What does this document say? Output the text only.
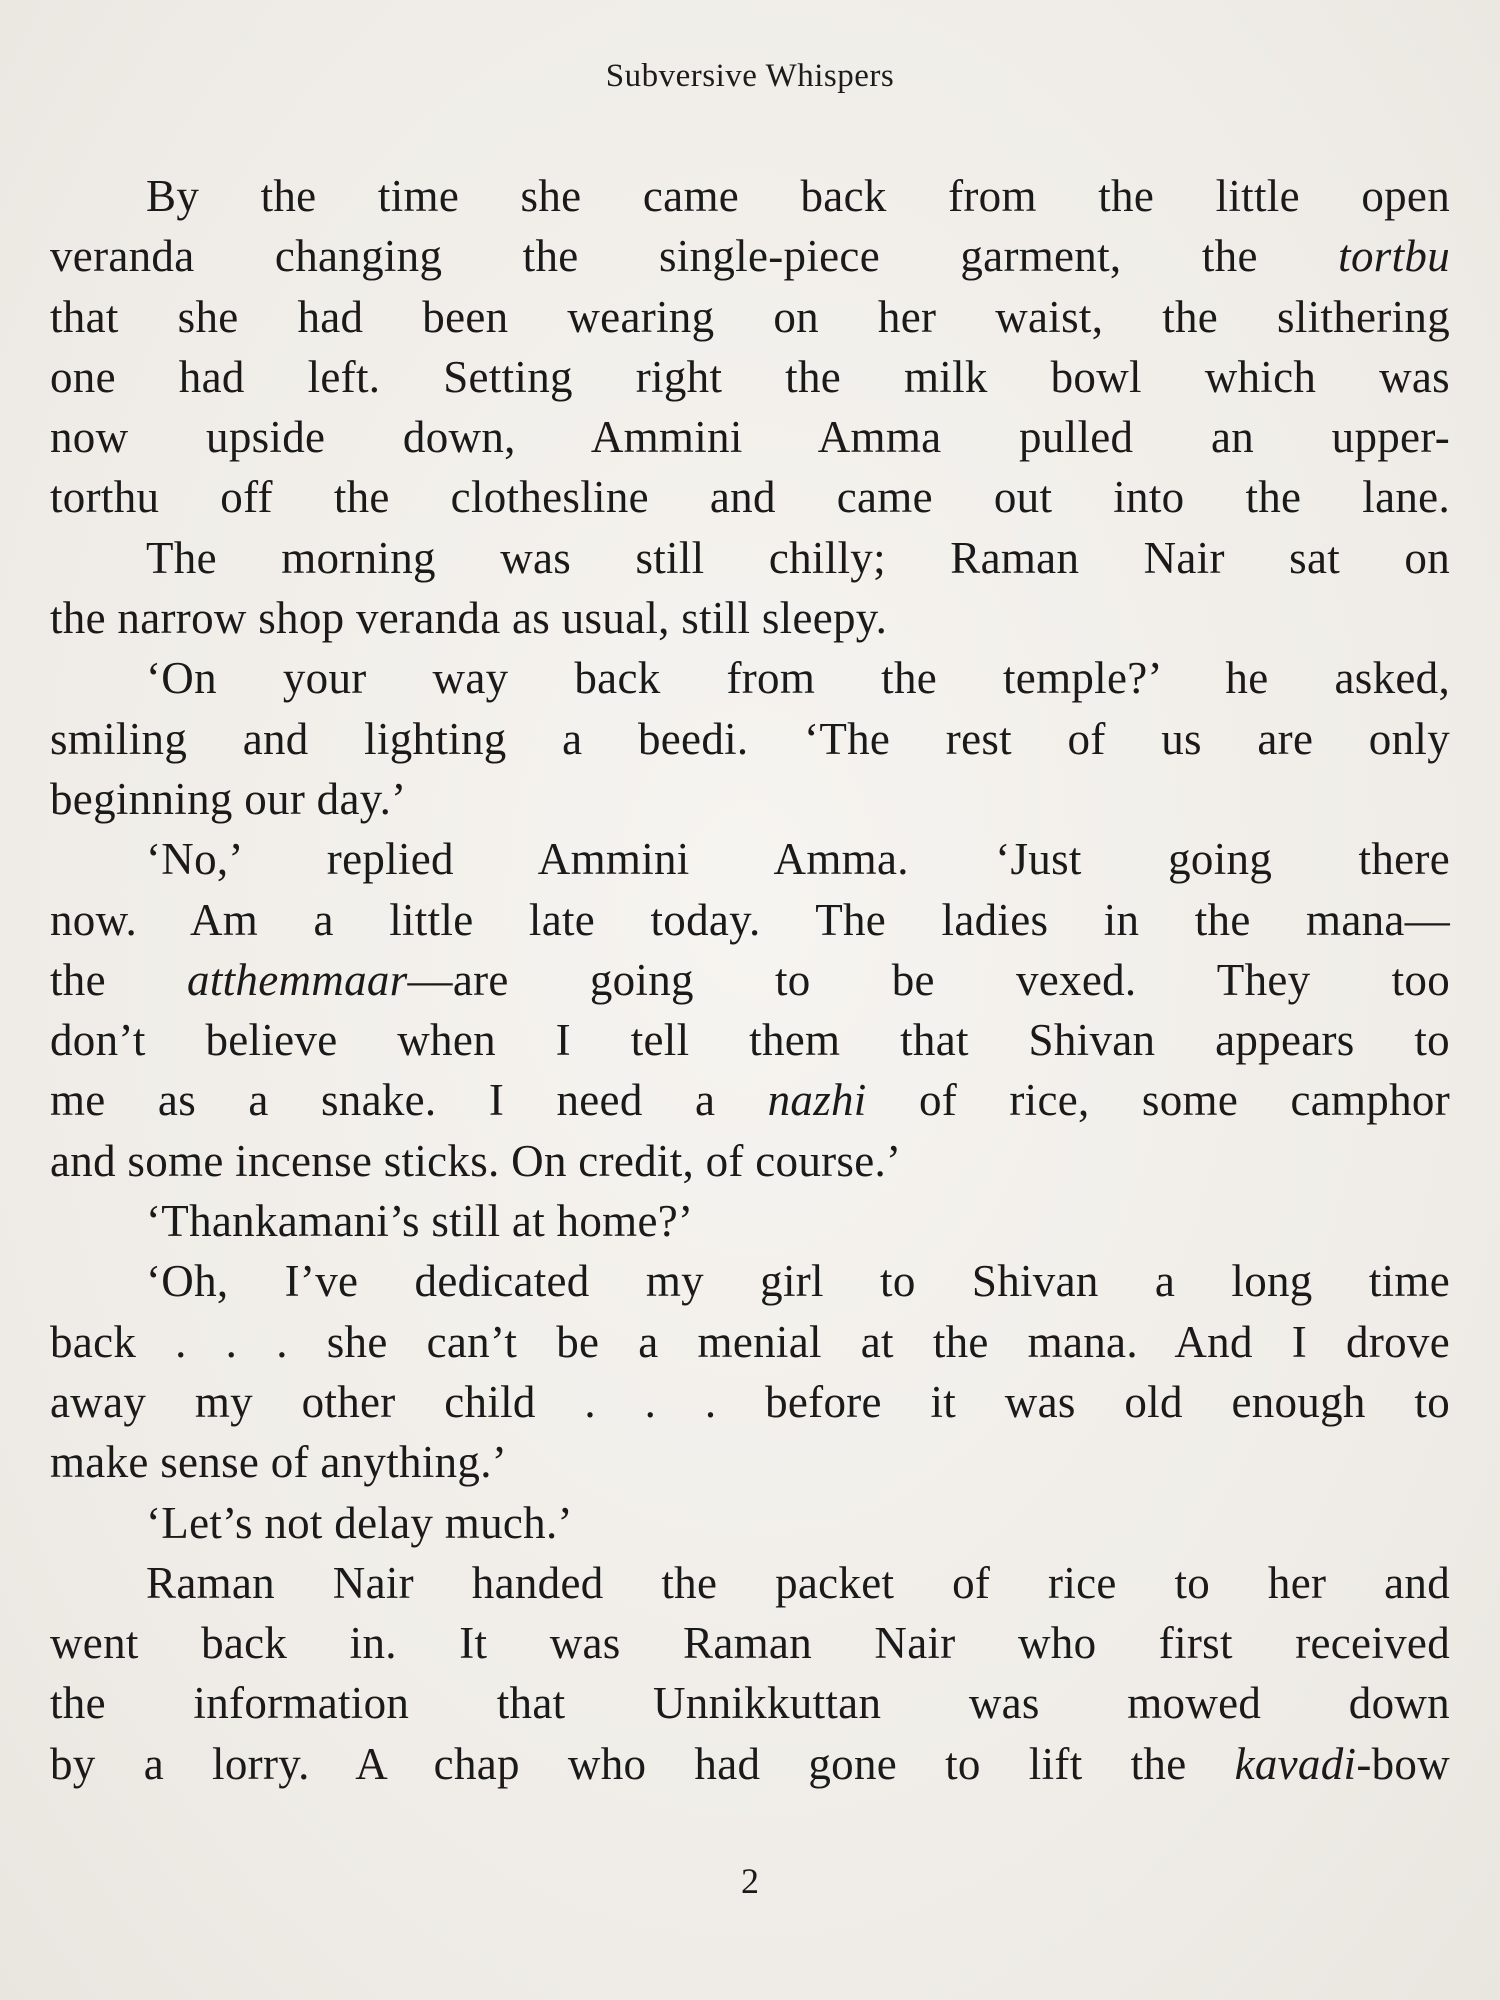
Subversive Whispers
By the time she came back from the little open
veranda changing the single-piece garment, the tortbu
that she had been wearing on her waist, the slithering
one had left. Setting right the milk bowl which was
now upside down, Ammini Amma pulled an upper-
torthu off the clothesline and came out into the lane.
The morning was still chilly; Raman Nair sat on
the narrow shop veranda as usual, still sleepy.
‘On your way back from the temple?’ he asked,
smiling and lighting a beedi. ‘The rest of us are only
beginning our day.’
‘No,’ replied Ammini Amma. ‘Just going there
now. Am a little late today. The ladies in the mana—
the atthemmaar—are going to be vexed. They too
don’t believe when I tell them that Shivan appears to
me as a snake. I need a nazhi of rice, some camphor
and some incense sticks. On credit, of course.’
‘Thankamani’s still at home?’
‘Oh, I’ve dedicated my girl to Shivan a long time
back . . . she can’t be a menial at the mana. And I drove
away my other child . . . before it was old enough to
make sense of anything.’
‘Let’s not delay much.’
Raman Nair handed the packet of rice to her and
went back in. It was Raman Nair who first received
the information that Unnikkuttan was mowed down
by a lorry. A chap who had gone to lift the kavadi-bow
2
